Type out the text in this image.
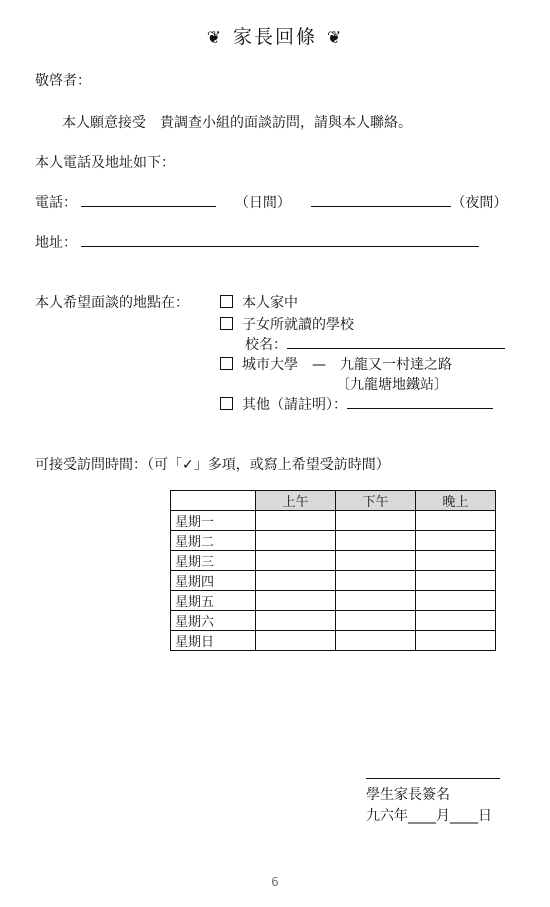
❦ 家長回條 ❦
敬啓者：
本人願意接受　貴調查小組的面談訪問，請與本人聯絡。
本人電話及地址如下：
電話：	（日間）	（夜間）
地址：
本人希望面談的地點在：	本人家中
子女所就讀的學校
校名：
城市大學　—　九龍又一村達之路
〔九龍塘地鐵站〕
其他（請註明）：
可接受訪問時間：（可「✓」多項，或寫上希望受訪時間）
	上午	下午	晚上
星期一			
星期二			
星期三			
星期四			
星期五			
星期六			
星期日			
學生家長簽名
九六年____月____日
6
